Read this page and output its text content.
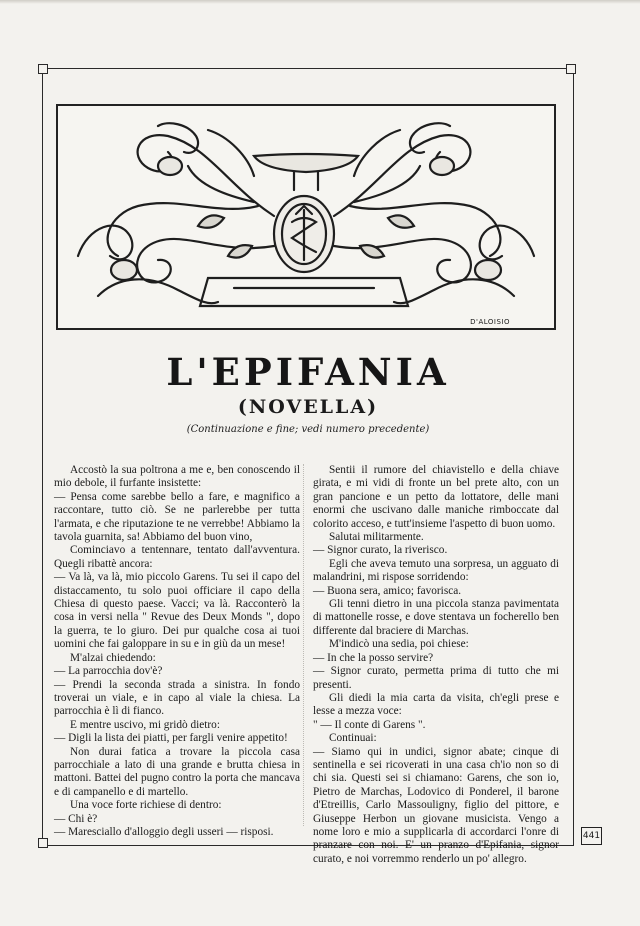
D'ALOISIO
L'EPIFANIA
(NOVELLA)
(Continuazione e fine; vedi numero precedente)

Accostò la sua poltrona a me e, ben conoscendo il mio debole, il furfante insistette:

— Pensa come sarebbe bello a fare, e magnifico a raccontare, tutto ciò. Se ne parlerebbe per tutta l'armata, e che riputazione te ne verrebbe! Abbiamo la tavola guarnita, sa! Abbiamo del buon vino,

Cominciavo a tentennare, tentato dall'avventura. Quegli ribattè ancora:

— Va là, va là, mio piccolo Garens. Tu sei il capo del distaccamento, tu solo puoi officiare il capo della Chiesa di questo paese. Vacci; va là. Racconterò la cosa in versi nella " Revue des Deux Monds ", dopo la guerra, te lo giuro. Dei pur qualche cosa ai tuoi uomini che fai galoppare in su e in giù da un mese!

M'alzai chiedendo:

— La parrocchia dov'è?

— Prendi la seconda strada a sinistra. In fondo troverai un viale, e in capo al viale la chiesa. La parrocchia è lì di fianco.

E mentre uscivo, mi gridò dietro:

— Digli la lista dei piatti, per fargli venire appetito!

Non durai fatica a trovare la piccola casa parrocchiale a lato di una grande e brutta chiesa in mattoni. Battei del pugno contro la porta che mancava e di campanello e di martello.

Una voce forte richiese di dentro:

— Chi è?

— Maresciallo d'alloggio degli usseri — risposi.

Sentii il rumore del chiavistello e della chiave girata, e mi vidi di fronte un bel prete alto, con un gran pancione e un petto da lottatore, delle mani enormi che uscivano dalle maniche rimboccate dal colorito acceso, e tutt'insieme l'aspetto di buon uomo.

Salutai militarmente.

— Signor curato, la riverisco.

Egli che aveva temuto una sorpresa, un agguato di malandrini, mi rispose sorridendo:

— Buona sera, amico; favorisca.

Gli tenni dietro in una piccola stanza pavimentata di mattonelle rosse, e dove stentava un focherello ben differente dal braciere di Marchas.

M'indicò una sedia, poi chiese:

— In che la posso servire?

— Signor curato, permetta prima di tutto che mi presenti.

Gli diedi la mia carta da visita, ch'egli prese e lesse a mezza voce:

" — Il conte di Garens ".

Continuai:

— Siamo qui in undici, signor abate; cinque di sentinella e sei ricoverati in una casa ch'io non so di chi sia. Questi sei si chiamano: Garens, che son io, Pietro de Marchas, Lodovico di Ponderel, il barone d'Etreillis, Carlo Massouligny, figlio del pittore, e Giuseppe Herbon un giovane musicista. Vengo a nome loro e mio a supplicarla di accordarci l'onre di pranzare con noi. E' un pranzo d'Epifania, signor curato, e noi vorremmo renderlo un po' allegro.

441
